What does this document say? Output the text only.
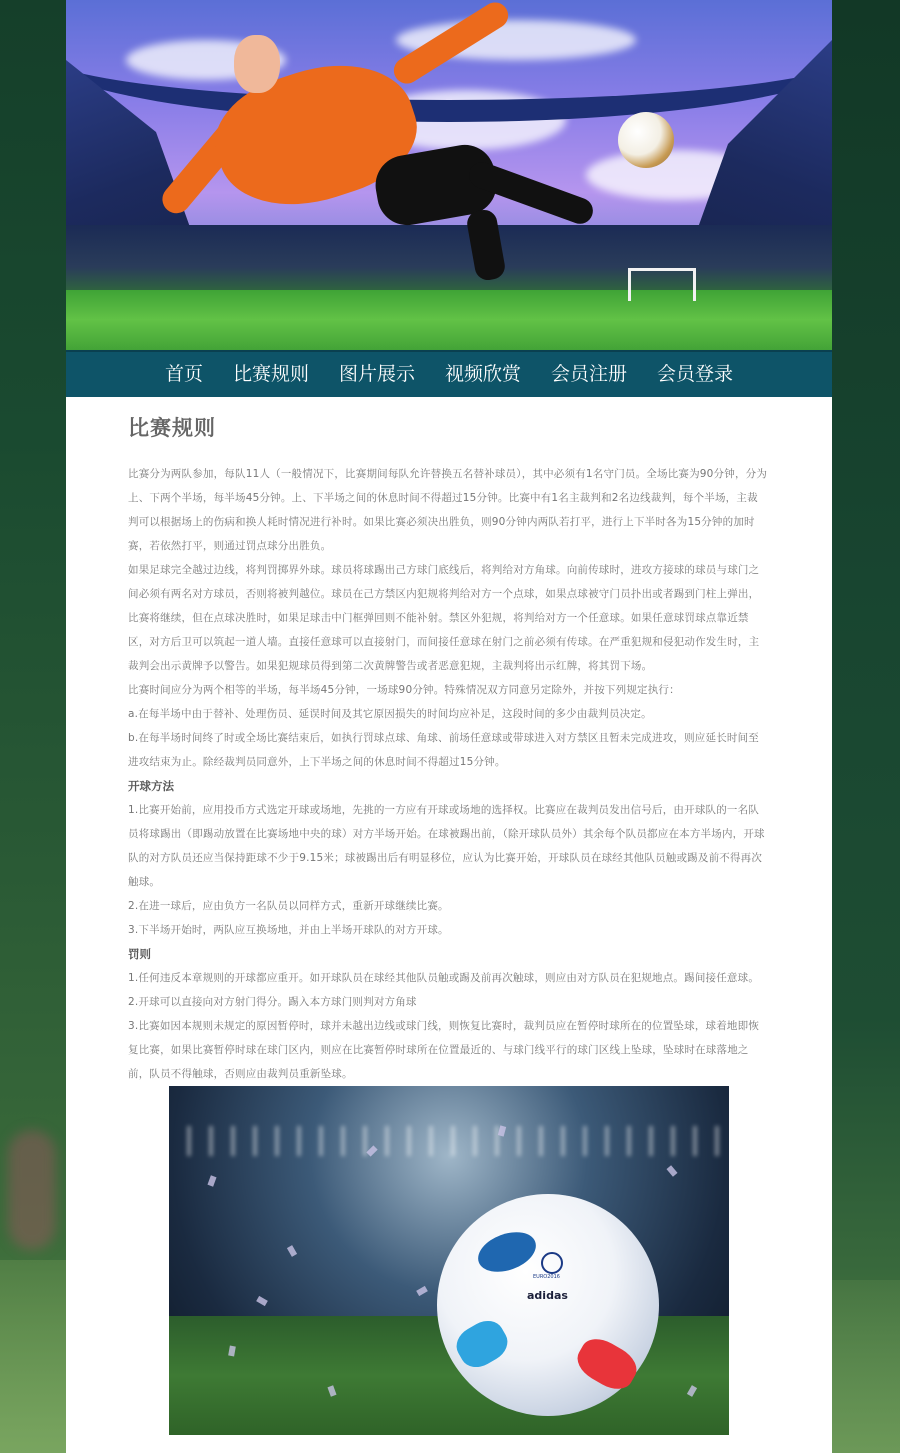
首页 比赛规则 图片展示 视频欣赏 会员注册 会员登录
比赛规则

比赛分为两队参加，每队11人（一般情况下，比赛期间每队允许替换五名替补球员），其中必须有1名守门员。全场比赛为90分钟，分为上、下两个半场，每半场45分钟。上、下半场之间的休息时间不得超过15分钟。比赛中有1名主裁判和2名边线裁判，每个半场，主裁判可以根据场上的伤病和换人耗时情况进行补时。如果比赛必须决出胜负，则90分钟内两队若打平，进行上下半时各为15分钟的加时赛，若依然打平，则通过罚点球分出胜负。

如果足球完全越过边线，将判罚掷界外球。球员将球踢出己方球门底线后，将判给对方角球。向前传球时，进攻方接球的球员与球门之间必须有两名对方球员，否则将被判越位。球员在己方禁区内犯规将判给对方一个点球，如果点球被守门员扑出或者踢到门柱上弹出，比赛将继续，但在点球决胜时，如果足球击中门框弹回则不能补射。禁区外犯规，将判给对方一个任意球。如果任意球罚球点靠近禁区，对方后卫可以筑起一道人墙。直接任意球可以直接射门，而间接任意球在射门之前必须有传球。在严重犯规和侵犯动作发生时，主裁判会出示黄牌予以警告。如果犯规球员得到第二次黄牌警告或者恶意犯规，主裁判将出示红牌，将其罚下场。

比赛时间应分为两个相等的半场，每半场45分钟，一场球90分钟。特殊情况双方同意另定除外，并按下列规定执行：

a.在每半场中由于替补、处理伤员、延误时间及其它原因损失的时间均应补足，这段时间的多少由裁判员决定。

b.在每半场时间终了时或全场比赛结束后，如执行罚球点球、角球、前场任意球或带球进入对方禁区且暂未完成进攻，则应延长时间至进攻结束为止。除经裁判员同意外，上下半场之间的休息时间不得超过15分钟。

开球方法

1.比赛开始前，应用投币方式选定开球或场地，先挑的一方应有开球或场地的选择权。比赛应在裁判员发出信号后，由开球队的一名队员将球踢出（即踢动放置在比赛场地中央的球）对方半场开始。在球被踢出前，（除开球队员外）其余每个队员都应在本方半场内，开球队的对方队员还应当保持距球不少于9.15米；球被踢出后有明显移位，应认为比赛开始，开球队员在球经其他队员触或踢及前不得再次触球。

2.在进一球后，应由负方一名队员以同样方式，重新开球继续比赛。

3.下半场开始时，两队应互换场地，并由上半场开球队的对方开球。

罚则

1.任何违反本章规则的开球都应重开。如开球队员在球经其他队员触或踢及前再次触球，则应由对方队员在犯规地点。踢间接任意球。

2.开球可以直接向对方射门得分。踢入本方球门则判对方角球

3.比赛如因本规则未规定的原因暂停时，球并未越出边线或球门线，则恢复比赛时，裁判员应在暂停时球所在的位置坠球，球着地即恢复比赛，如果比赛暂停时球在球门区内，则应在比赛暂停时球所在位置最近的、与球门线平行的球门区线上坠球，坠球时在球落地之前，队员不得触球，否则应由裁判员重新坠球。

EURO2016
adidas
